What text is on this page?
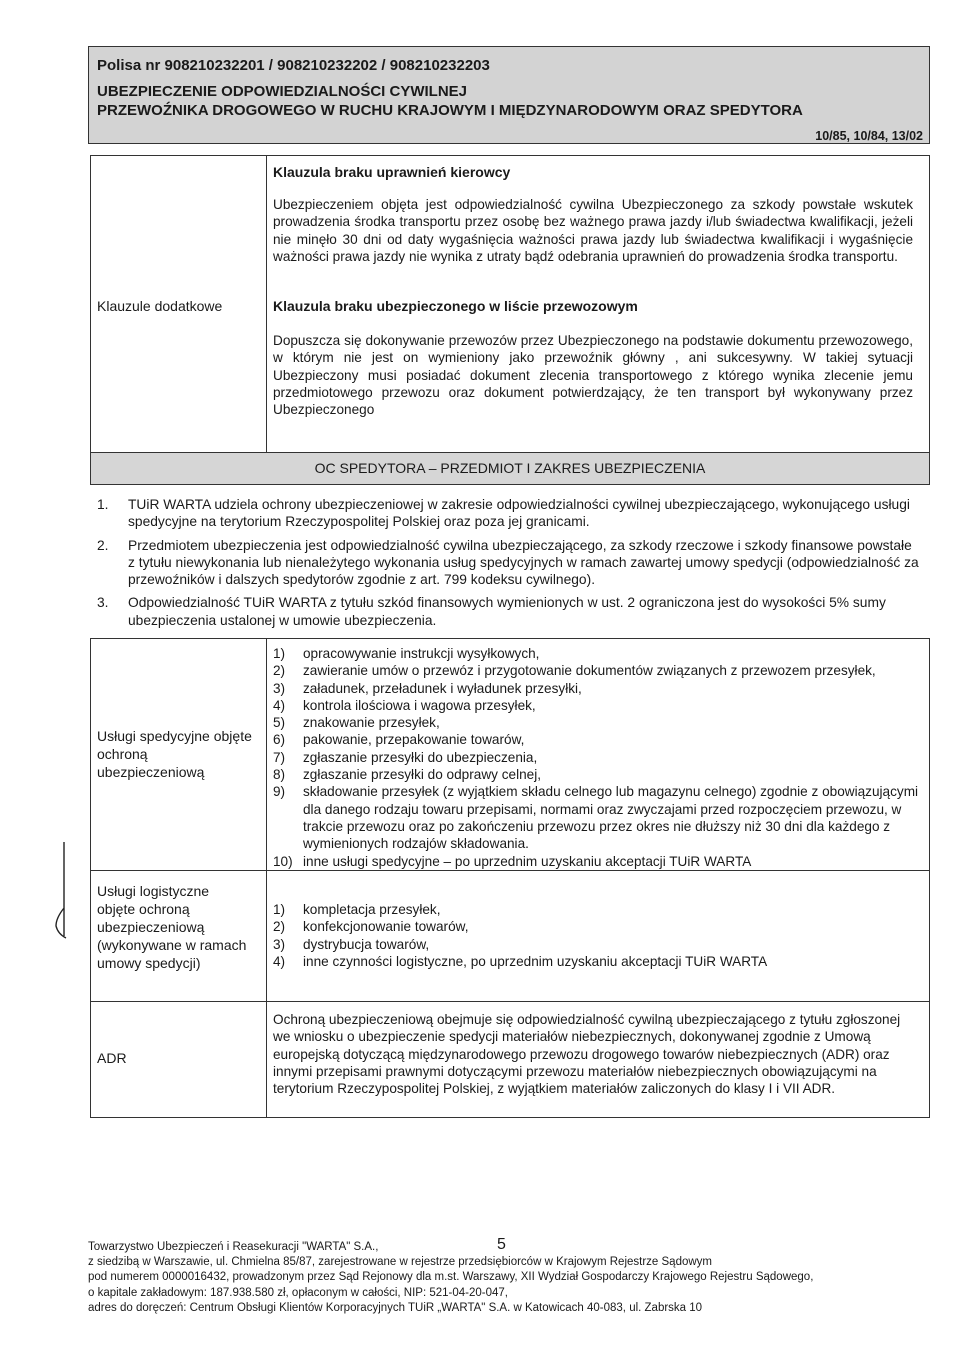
Polisa nr 908210232201 / 908210232202 / 908210232203
UBEZPIECZENIE ODPOWIEDZIALNOŚCI CYWILNEJ
PRZEWOŹNIKA DROGOWEGO W RUCHU KRAJOWYM I MIĘDZYNARODOWYM ORAZ SPEDYTORA
10/85, 10/84, 13/02
Klauzule dodatkowe
Klauzula braku uprawnień kierowcy
Ubezpieczeniem objęta jest odpowiedzialność cywilna Ubezpieczonego za szkody powstałe wskutek prowadzenia środka transportu przez osobę bez ważnego prawa jazdy i/lub świadectwa kwalifikacji, jeżeli nie minęło 30 dni od daty wygaśnięcia ważności prawa jazdy lub świadectwa kwalifikacji i wygaśnięcie ważności prawa jazdy nie wynika z utraty bądź odebrania uprawnień do prowadzenia środka transportu.
Klauzula braku ubezpieczonego w liście przewozowym
Dopuszcza się dokonywanie przewozów przez Ubezpieczonego na podstawie dokumentu przewozowego, w którym nie jest on wymieniony jako przewoźnik główny , ani sukcesywny. W takiej sytuacji Ubezpieczony musi posiadać dokument zlecenia transportowego z którego wynika zlecenie jemu przedmiotowego przewozu oraz dokument potwierdzający, że ten transport był wykonywany przez Ubezpieczonego
OC SPEDYTORA – PRZEDMIOT I ZAKRES UBEZPIECZENIA
1. TUiR WARTA udziela ochrony ubezpieczeniowej w zakresie odpowiedzialności cywilnej ubezpieczającego, wykonującego usługi spedycyjne na terytorium Rzeczypospolitej Polskiej oraz poza jej granicami.
2. Przedmiotem ubezpieczenia jest odpowiedzialność cywilna ubezpieczającego, za szkody rzeczowe i szkody finansowe powstałe z tytułu niewykonania lub nienależytego wykonania usług spedycyjnych w ramach zawartej umowy spedycji (odpowiedzialność za przewoźników i dalszych spedytorów zgodnie z art. 799 kodeksu cywilnego).
3. Odpowiedzialność TUiR WARTA z tytułu szkód finansowych wymienionych w ust. 2 ograniczona jest do wysokości 5% sumy ubezpieczenia ustalonej w umowie ubezpieczenia.
Usługi spedycyjne objęte ochroną ubezpieczeniową
1) opracowywanie instrukcji wysyłkowych,
2) zawieranie umów o przewóz i przygotowanie dokumentów związanych z przewozem przesyłek,
3) załadunek, przeładunek i wyładunek przesyłki,
4) kontrola ilościowa i wagowa przesyłek,
5) znakowanie przesyłek,
6) pakowanie, przepakowanie towarów,
7) zgłaszanie przesyłki do ubezpieczenia,
8) zgłaszanie przesyłki do odprawy celnej,
9) składowanie przesyłek (z wyjątkiem składu celnego lub magazynu celnego) zgodnie z obowiązującymi dla danego rodzaju towaru przepisami, normami oraz zwyczajami przed rozpoczęciem przewozu, w trakcie przewozu oraz po zakończeniu przewozu przez okres nie dłuższy niż 30 dni dla każdego z wymienionych rodzajów składowania.
10) inne usługi spedycyjne – po uprzednim uzyskaniu akceptacji TUiR WARTA
Usługi logistyczne objęte ochroną ubezpieczeniową (wykonywane w ramach umowy spedycji)
1) kompletacja przesyłek,
2) konfekcjonowanie towarów,
3) dystrybucja towarów,
4) inne czynności logistyczne, po uprzednim uzyskaniu akceptacji TUiR WARTA
ADR
Ochroną ubezpieczeniową obejmuje się odpowiedzialność cywilną ubezpieczającego z tytułu zgłoszonej we wniosku o ubezpieczenie spedycji materiałów niebezpiecznych, dokonywanej zgodnie z Umową europejską dotyczącą międzynarodowego przewozu drogowego towarów niebezpiecznych (ADR) oraz innymi przepisami prawnymi dotyczącymi przewozu materiałów niebezpiecznych obowiązującymi na terytorium Rzeczypospolitej Polskiej, z wyjątkiem materiałów zaliczonych do klasy I i VII ADR.
5
Towarzystwo Ubezpieczeń i Reasekuracji "WARTA" S.A.,
z siedzibą w Warszawie, ul. Chmielna 85/87, zarejestrowane w rejestrze przedsiębiorców w Krajowym Rejestrze Sądowym
pod numerem 0000016432, prowadzonym przez Sąd Rejonowy dla m.st. Warszawy, XII Wydział Gospodarczy Krajowego Rejestru Sądowego,
o kapitale zakładowym: 187.938.580 zł, opłaconym w całości, NIP: 521-04-20-047,
adres do doręczeń: Centrum Obsługi Klientów Korporacyjnych TUiR „WARTA" S.A. w Katowicach 40-083, ul. Zabrska 10
